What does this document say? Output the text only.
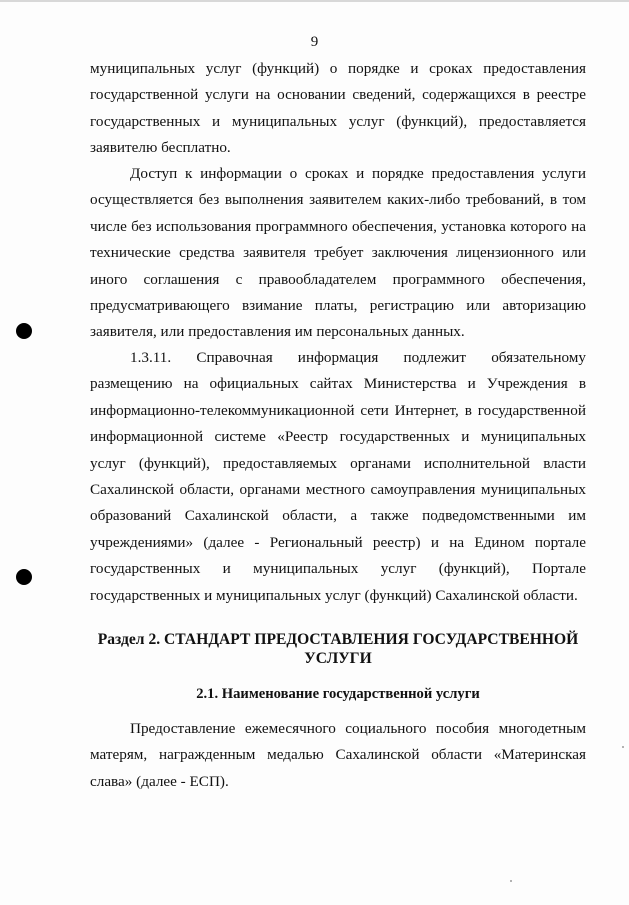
9

муниципальных услуг (функций) о порядке и сроках предоставления государственной услуги на основании сведений, содержащихся в реестре государственных и муниципальных услуг (функций), предоставляется заявителю бесплатно.

Доступ к информации о сроках и порядке предоставления услуги осуществляется без выполнения заявителем каких-либо требований, в том числе без использования программного обеспечения, установка которого на технические средства заявителя требует заключения лицензионного или иного соглашения с правообладателем программного обеспечения, предусматривающего взимание платы, регистрацию или авторизацию заявителя, или предоставления им персональных данных.

1.3.11. Справочная информация подлежит обязательному размещению на официальных сайтах Министерства и Учреждения в информационно-телекоммуникационной сети Интернет, в государственной информационной системе «Реестр государственных и муниципальных услуг (функций), предоставляемых органами исполнительной власти Сахалинской области, органами местного самоуправления муниципальных образований Сахалинской области, а также подведомственными им учреждениями» (далее - Региональный реестр) и на Едином портале государственных и муниципальных услуг (функций), Портале государственных и муниципальных услуг (функций) Сахалинской области.

Раздел 2. СТАНДАРТ ПРЕДОСТАВЛЕНИЯ ГОСУДАРСТВЕННОЙ УСЛУГИ
2.1. Наименование государственной услуги

Предоставление ежемесячного социального пособия многодетным матерям, награжденным медалью Сахалинской области «Материнская слава» (далее - ЕСП).
